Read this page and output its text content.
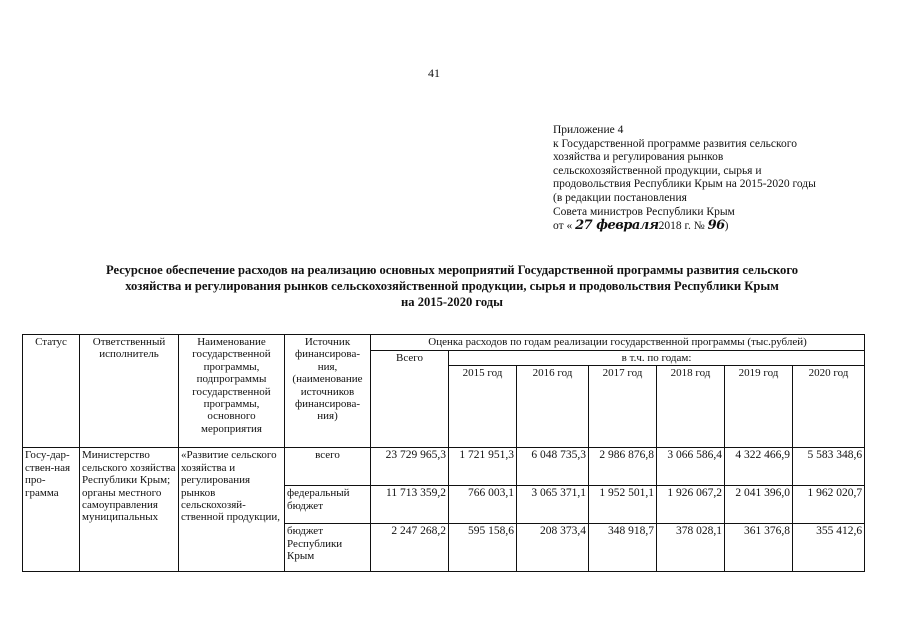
41
Приложение 4
к Государственной программе развития сельского
хозяйства и регулирования рынков
сельскохозяйственной продукции, сырья и
продовольствия Республики Крым на 2015-2020 годы
(в редакции постановления
Совета министров Республики Крым
от « 27 февраля2018 г. № 96)
Ресурсное обеспечение расходов на реализацию основных мероприятий Государственной программы развития сельского
хозяйства и регулирования рынков сельскохозяйственной продукции, сырья и продовольствия Республики Крым
на 2015-2020 годы
Статус	Ответственный исполнитель	Наименование государственной программы, подпрограммы государственной программы, основного мероприятия	Источник финансирова-ния, (наименование источников финансирова-ния)	Оценка расходов по годам реализации государственной программы (тыс.рублей)						
				Всего	в т.ч. по годам:					
					2015 год	2016 год	2017 год	2018 год	2019 год	2020 год
Госу-дар-ствен-ная про-грамма	Министерство сельского хозяйства Республики Крым; органы местного самоуправления муниципальных	«Развитие сельского хозяйства и регулирования рынков сельскохозяй-ственной продукции,	всего	23 729 965,3	1 721 951,3	6 048 735,3	2 986 876,8	3 066 586,4	4 322 466,9	5 583 348,6
			федеральный бюджет	11 713 359,2	766 003,1	3 065 371,1	1 952 501,1	1 926 067,2	2 041 396,0	1 962 020,7
			бюджет Республики Крым	2 247 268,2	595 158,6	208 373,4	348 918,7	378 028,1	361 376,8	355 412,6
